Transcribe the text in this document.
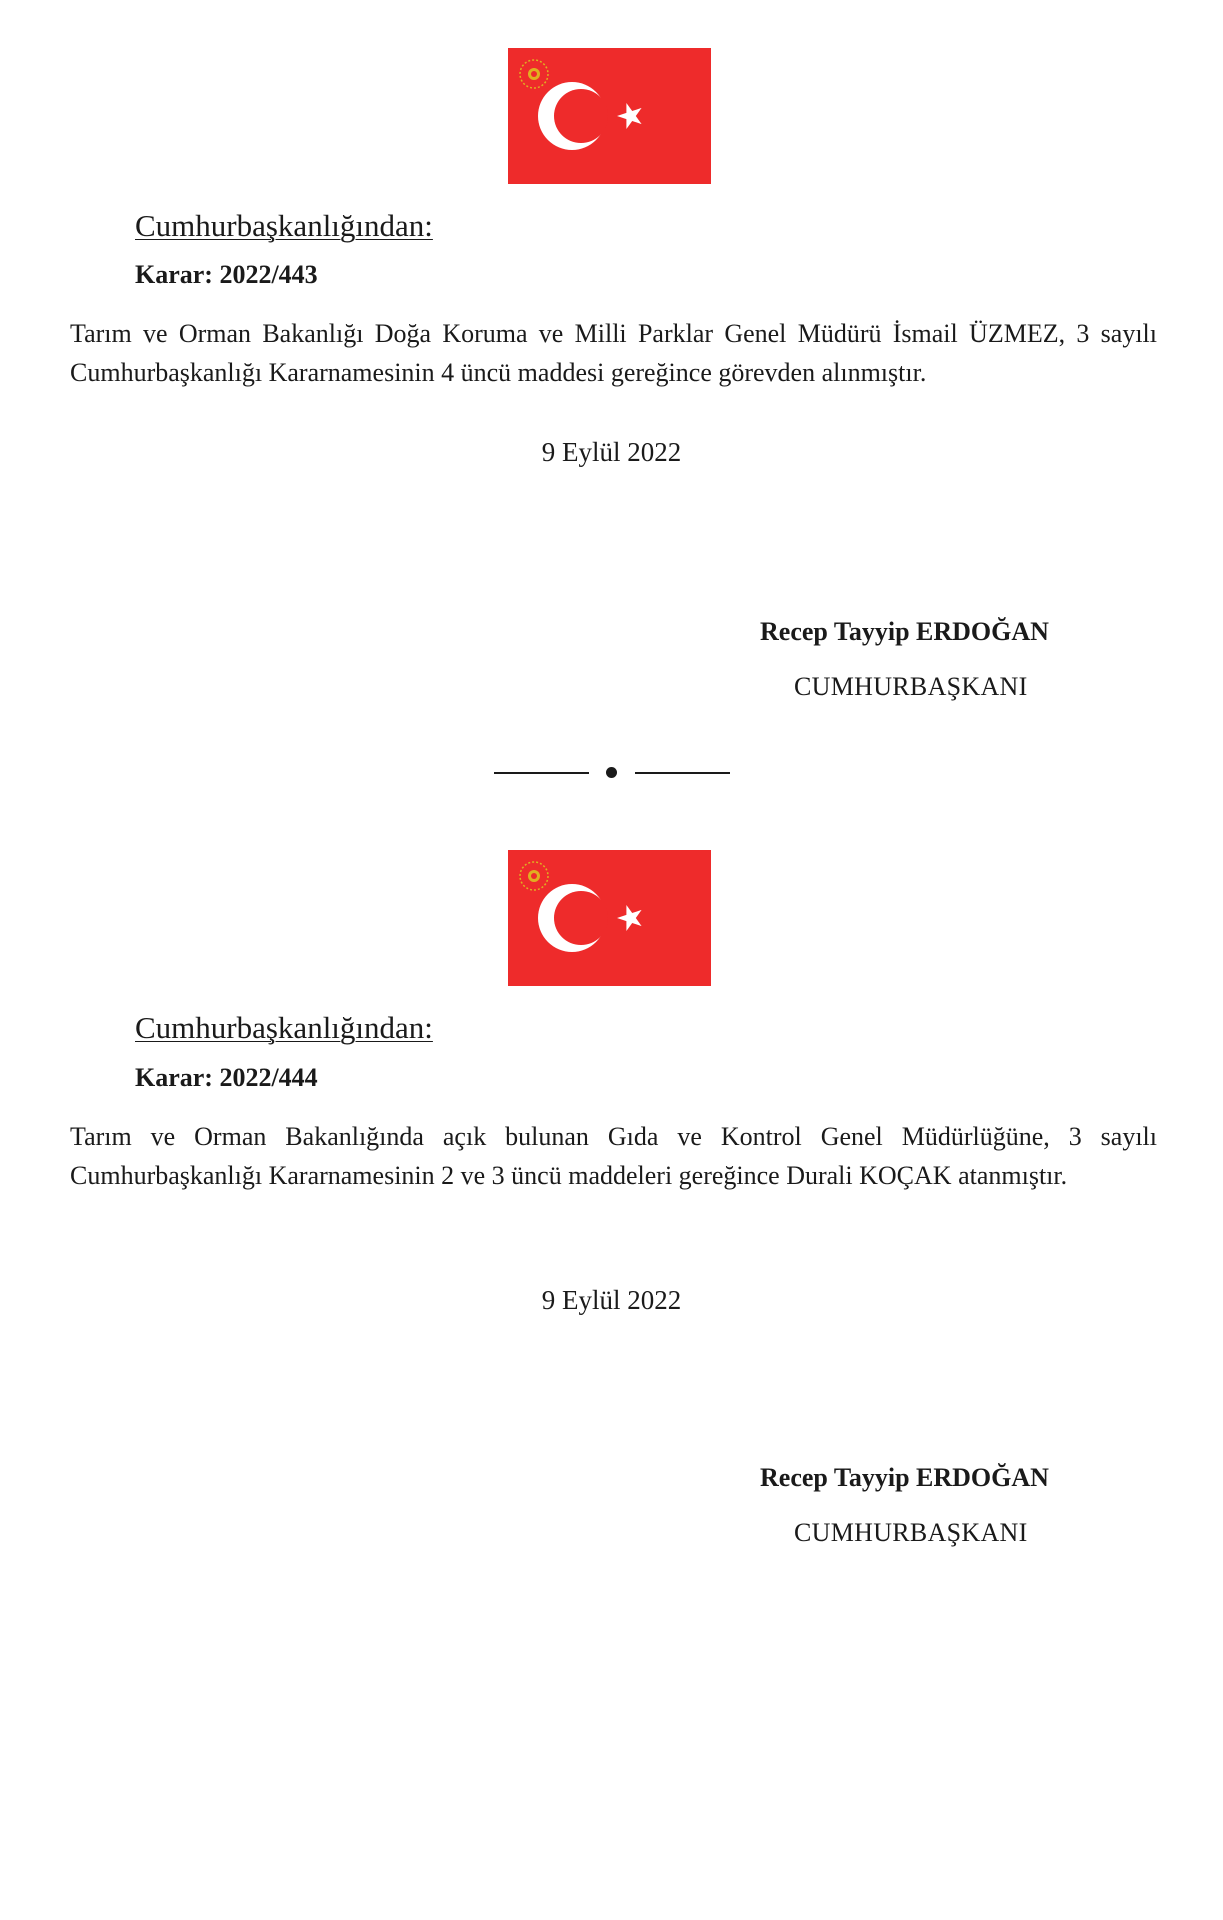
Cumhurbaşkanlığından:
Karar: 2022/443

Tarım ve Orman Bakanlığı Doğa Koruma ve Milli Parklar Genel Müdürü İsmail ÜZMEZ, 3 sayılı Cumhurbaşkanlığı Kararnamesinin 4 üncü maddesi gereğince görevden alınmıştır.

9 Eylül 2022
Recep Tayyip ERDOĞAN
CUMHURBAŞKANI
Cumhurbaşkanlığından:
Karar: 2022/444

Tarım ve Orman Bakanlığında açık bulunan Gıda ve Kontrol Genel Müdürlüğüne, 3 sayılı Cumhurbaşkanlığı Kararnamesinin 2 ve 3 üncü maddeleri gereğince Durali KOÇAK atanmıştır.

9 Eylül 2022
Recep Tayyip ERDOĞAN
CUMHURBAŞKANI
